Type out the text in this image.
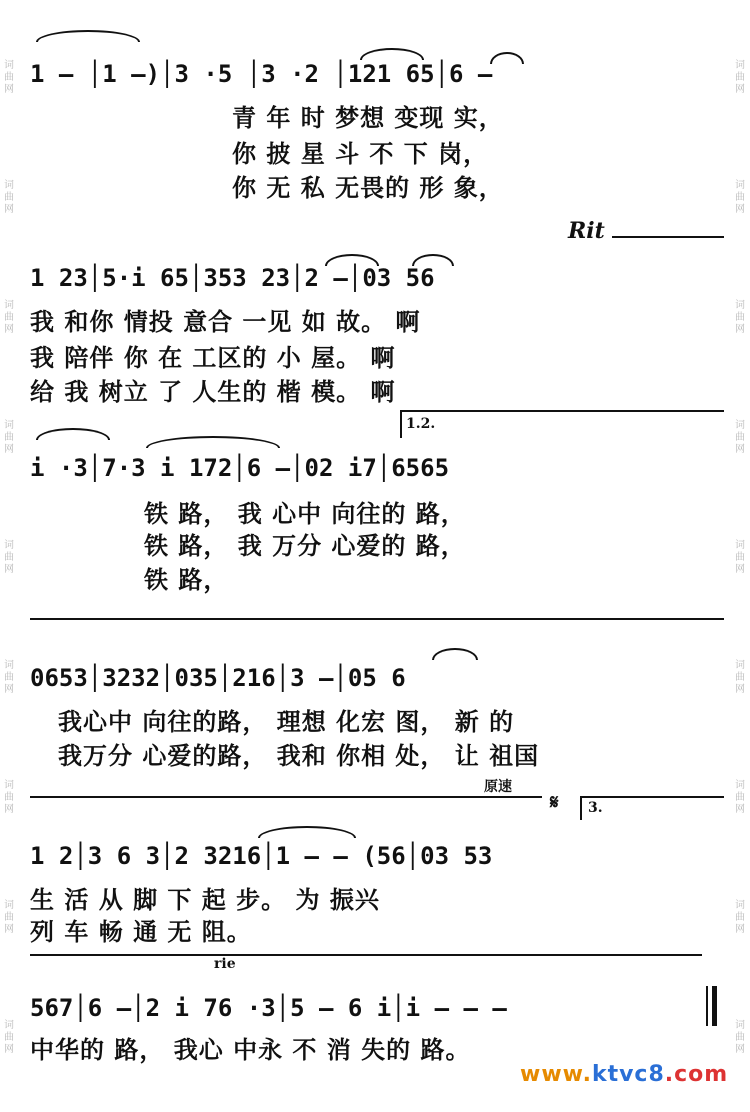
词曲网

词曲网
词曲网
词曲网
词曲网
词曲网
词曲网
词曲网
词曲网
词曲网
词曲网
词曲网
词曲网
词曲网
词曲网
词曲网
词曲网
词曲网
1 – │1 –)│3 ·5 │3 ·2 │121 65│6 –
青 年 时 梦想 变现 实，
你 披 星 斗 不 下 岗，
你 无 私 无畏的 形 象，
Rit
1 23│5·i 65│353 23│2 –│03 56
我 和你 情投 意合 一见 如 故。 啊
我 陪伴 你 在 工区的 小 屋。 啊
给 我 树立 了 人生的 楷 模。 啊
1.2.
i ·3│7·3 i 172│6 –│02 i7│6565
铁 路， 我 心中 向往的 路，
铁 路， 我 万分 心爱的 路，
铁 路，
0653│3232│035│216│3 –│05 6
我心中 向往的路， 理想 化宏 图， 新 的
我万分 心爱的路， 我和 你相 处， 让 祖国
原速
𝄋 3.
1 2│3 6 3│2 3216│1 – – (56│03 53
生 活 从 脚 下 起 步。 为 振兴
列 车 畅 通 无 阻。
rie
567│6 –│2 i 76 ·3│5 – 6 i│i – – –
中华的 路， 我心 中永 不 消 失的 路。
www.ktvc8.com
